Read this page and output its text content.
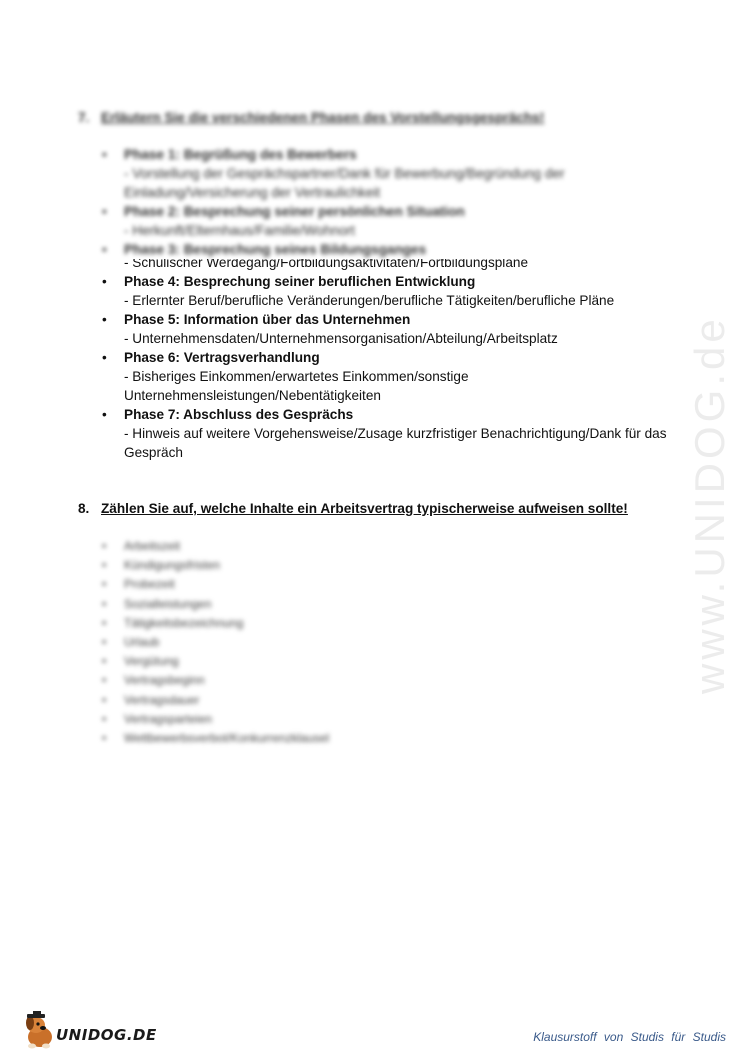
7. Erläutern Sie die verschiedenen Phasen des Vorstellungsgesprächs!
• Phase 1: Begrüßung des Bewerbers
- Vorstellung der Gesprächspartner/Dank für Bewerbung/Begründung der Einladung/Versicherung der Vertraulichkeit
• Phase 2: Besprechung seiner persönlichen Situation
- Herkunft/Elternhaus/Familie/Wohnort
• Phase 3: Besprechung seines Bildungsganges
- Schulischer Werdegang/Fortbildungsaktivitäten/Fortbildungspläne
• Phase 4: Besprechung seiner beruflichen Entwicklung
- Erlernter Beruf/berufliche Veränderungen/berufliche Tätigkeiten/berufliche Pläne
• Phase 5: Information über das Unternehmen
- Unternehmensdaten/Unternehmensorganisation/Abteilung/Arbeitsplatz
• Phase 6: Vertragsverhandlung
- Bisheriges Einkommen/erwartetes Einkommen/sonstige Unternehmensleistungen/Nebentätigkeiten
• Phase 7: Abschluss des Gesprächs
- Hinweis auf weitere Vorgehensweise/Zusage kurzfristiger Benachrichtigung/Dank für das Gespräch
8. Zählen Sie auf, welche Inhalte ein Arbeitsvertrag typischerweise aufweisen sollte!
• Arbeitszeit
• Kündigungsfristen
• Probezeit
• Sozialleistungen
• Tätigkeitsbezeichnung
• Urlaub
• Vergütung
• Vertragsbeginn
• Vertragsdauer
• Vertragsparteien
• Wettbewerbsverbot/Konkurrenzklausel
www.UNIDOG.de
UNIDOG.DE	Klausurstoff von Studis für Studis
